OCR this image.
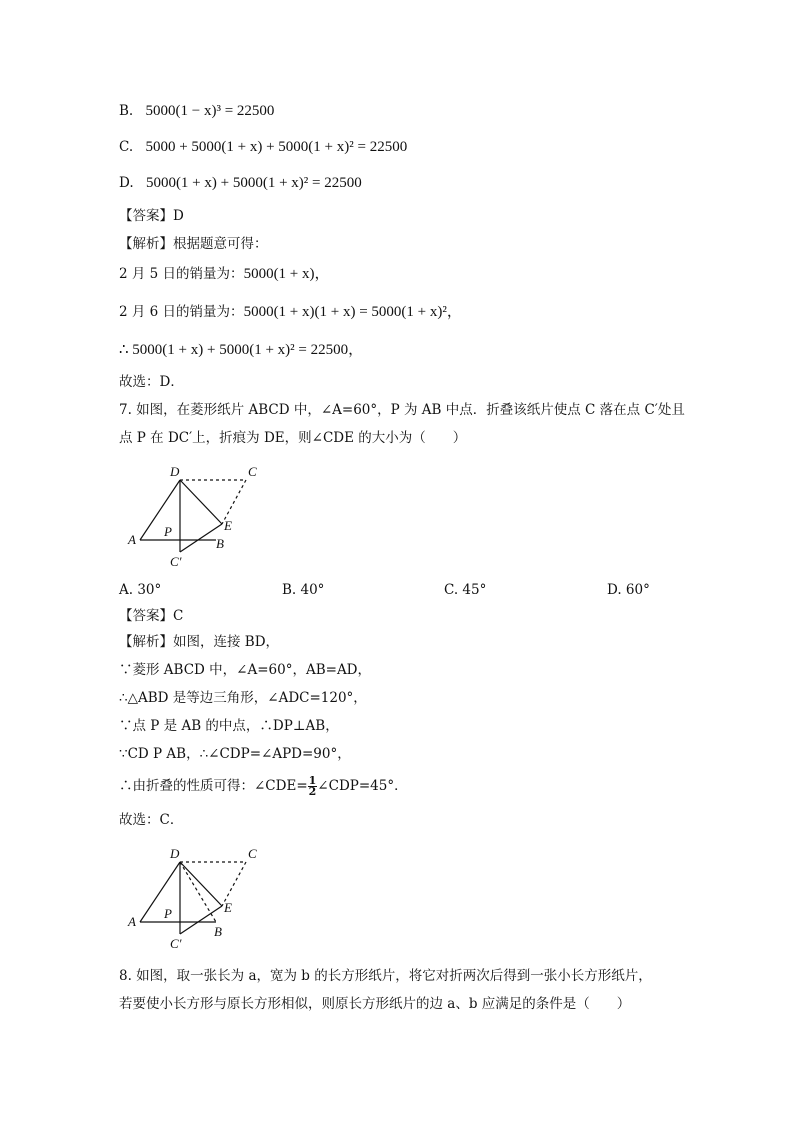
B. 5000(1 − x)³ = 22500
C. 5000 + 5000(1 + x) + 5000(1 + x)² = 22500
D. 5000(1 + x) + 5000(1 + x)² = 22500
【答案】D
【解析】根据题意可得：
2 月 5 日的销量为：5000(1 + x)，
2 月 6 日的销量为：5000(1 + x)(1 + x) = 5000(1 + x)²，
∴ 5000(1 + x) + 5000(1 + x)² = 22500，
故选：D．
7. 如图，在菱形纸片 ABCD 中，∠A=60°，P 为 AB 中点．折叠该纸片使点 C 落在点 C′处且
点 P 在 DC′上，折痕为 DE，则∠CDE 的大小为（　　）
D	C
A	B
P	E
C′
A. 30°	B. 40°	C. 45°	D. 60°
【答案】C
【解析】如图，连接 BD，
∵菱形 ABCD 中，∠A=60°，AB=AD，
∴△ABD 是等边三角形，∠ADC=120°，
∵点 P 是 AB 的中点，∴DP⊥AB，
∵CD P AB，∴∠CDP=∠APD=90°，
∴由折叠的性质可得：∠CDE= $\frac{1}{2}$ ∠CDP=45°．
故选：C．
D	C
A
B
P	E
C′
8. 如图，取一张长为 a，宽为 b 的长方形纸片，将它对折两次后得到一张小长方形纸片，
若要使小长方形与原长方形相似，则原长方形纸片的边 a、b 应满足的条件是（　　）
